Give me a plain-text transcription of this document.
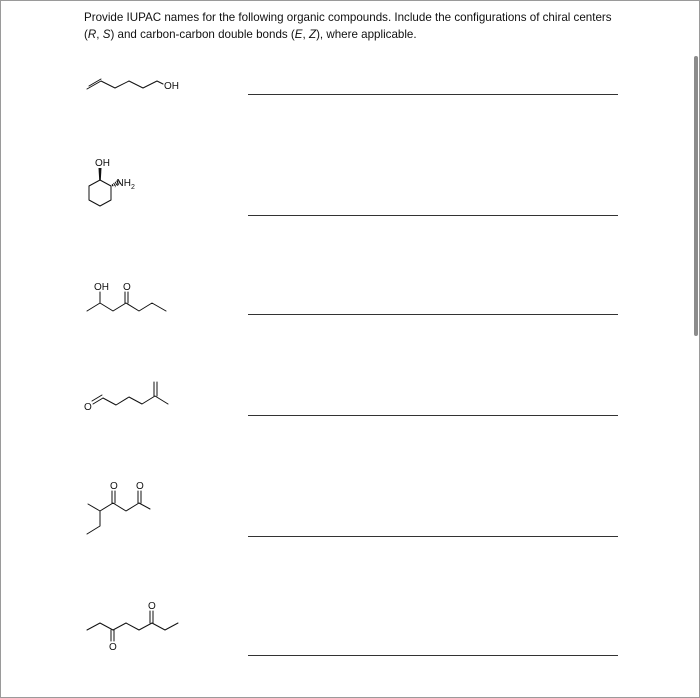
Provide IUPAC names for the following organic compounds. Include the configurations of chiral centers
(R, S) and carbon-carbon double bonds (E, Z), where applicable.
OH
OH
$.,NH_2$
OH O
O
O O
O
O
